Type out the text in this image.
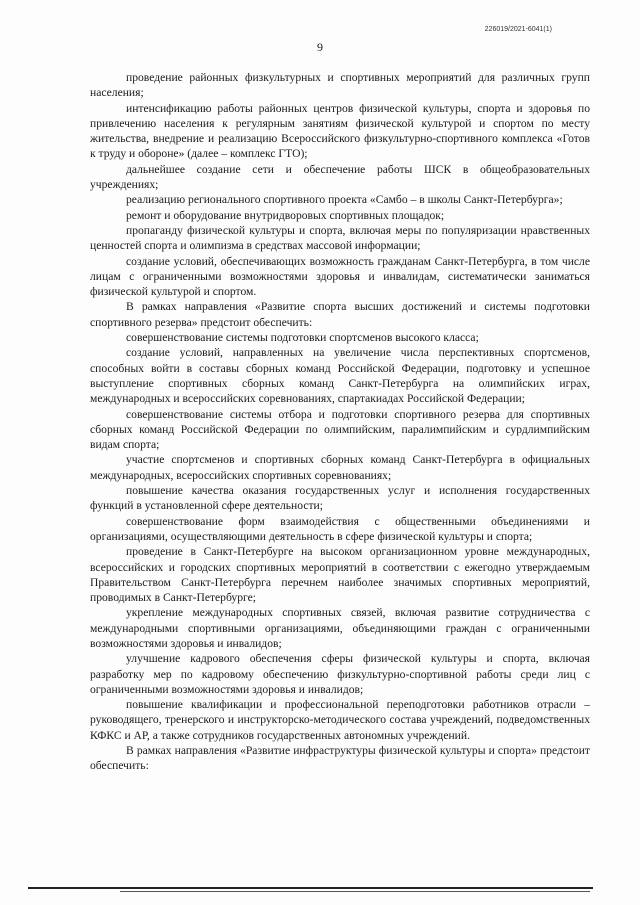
226019/2021-6041(1)
9

проведение районных физкультурных и спортивных мероприятий для различных групп населения;

интенсификацию работы районных центров физической культуры, спорта и здоровья по привлечению населения к регулярным занятиям физической культурой и спортом по месту жительства, внедрение и реализацию Всероссийского физкультурно-спортивного комплекса «Готов к труду и обороне» (далее – комплекс ГТО);

дальнейшее создание сети и обеспечение работы ШСК в общеобразовательных учреждениях;

реализацию регионального спортивного проекта «Самбо – в школы Санкт-Петербурга»;

ремонт и оборудование внутридворовых спортивных площадок;

пропаганду физической культуры и спорта, включая меры по популяризации нравственных ценностей спорта и олимпизма в средствах массовой информации;

создание условий, обеспечивающих возможность гражданам Санкт-Петербурга, в том числе лицам с ограниченными возможностями здоровья и инвалидам, систематически заниматься физической культурой и спортом.

В рамках направления «Развитие спорта высших достижений и системы подготовки спортивного резерва» предстоит обеспечить:

совершенствование системы подготовки спортсменов высокого класса;

создание условий, направленных на увеличение числа перспективных спортсменов, способных войти в составы сборных команд Российской Федерации, подготовку и успешное выступление спортивных сборных команд Санкт-Петербурга на олимпийских играх, международных и всероссийских соревнованиях, спартакиадах Российской Федерации;

совершенствование системы отбора и подготовки спортивного резерва для спортивных сборных команд Российской Федерации по олимпийским, паралимпийским и сурдлимпийским видам спорта;

участие спортсменов и спортивных сборных команд Санкт-Петербурга в официальных международных, всероссийских спортивных соревнованиях;

повышение качества оказания государственных услуг и исполнения государственных функций в установленной сфере деятельности;

совершенствование форм взаимодействия с общественными объединениями и организациями, осуществляющими деятельность в сфере физической культуры и спорта;

проведение в Санкт-Петербурге на высоком организационном уровне международных, всероссийских и городских спортивных мероприятий в соответствии с ежегодно утверждаемым Правительством Санкт-Петербурга перечнем наиболее значимых спортивных мероприятий, проводимых в Санкт-Петербурге;

укрепление международных спортивных связей, включая развитие сотрудничества с международными спортивными организациями, объединяющими граждан с ограниченными возможностями здоровья и инвалидов;

улучшение кадрового обеспечения сферы физической культуры и спорта, включая разработку мер по кадровому обеспечению физкультурно-спортивной работы среди лиц с ограниченными возможностями здоровья и инвалидов;

повышение квалификации и профессиональной переподготовки работников отрасли – руководящего, тренерского и инструкторско-методического состава учреждений, подведомственных КФКС и АР, а также сотрудников государственных автономных учреждений.

В рамках направления «Развитие инфраструктуры физической культуры и спорта» предстоит обеспечить:
